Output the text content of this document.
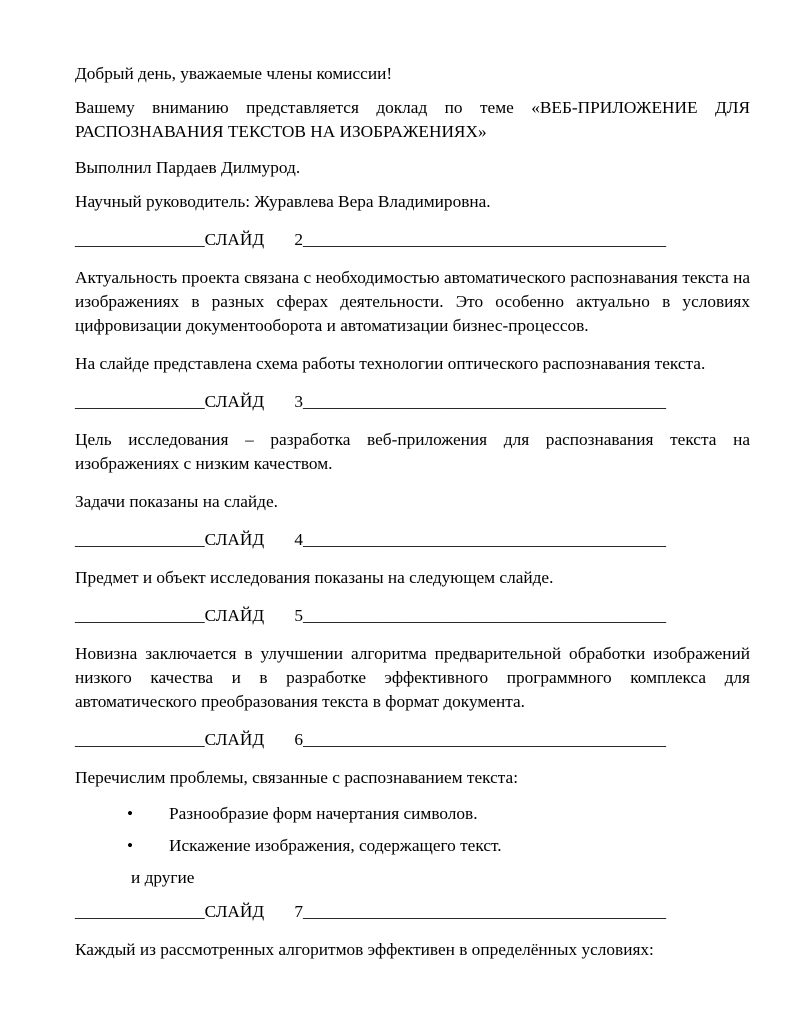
Добрый день, уважаемые члены комиссии!

Вашему вниманию представляется доклад по теме «ВЕБ-ПРИЛОЖЕНИЕ ДЛЯ РАСПОЗНАВАНИЯ ТЕКСТОВ НА ИЗОБРАЖЕНИЯХ»

Выполнил Пардаев Дилмурод.

Научный руководитель: Журавлева Вера Владимировна.

_______________СЛАЙД       2__________________________________________

Актуальность проекта связана с необходимостью автоматического распознавания текста на изображениях в разных сферах деятельности. Это особенно актуально в условиях цифровизации документооборота и автоматизации бизнес-процессов.

На слайде представлена схема работы технологии оптического распознавания текста.

_______________СЛАЙД       3__________________________________________

Цель исследования – разработка веб-приложения для распознавания текста на изображениях с низким качеством.

Задачи показаны на слайде.

_______________СЛАЙД       4__________________________________________

Предмет и объект исследования показаны на следующем слайде.

_______________СЛАЙД       5__________________________________________

Новизна заключается в улучшении алгоритма предварительной обработки изображений низкого качества и в разработке эффективного программного комплекса для автоматического преобразования текста в формат документа.

_______________СЛАЙД       6__________________________________________

Перечислим проблемы, связанные с распознаванием текста:

• Разнообразие форм начертания символов.
• Искажение изображения, содержащего текст.

и другие

_______________СЛАЙД       7__________________________________________

Каждый из рассмотренных алгоритмов эффективен в определённых условиях:
